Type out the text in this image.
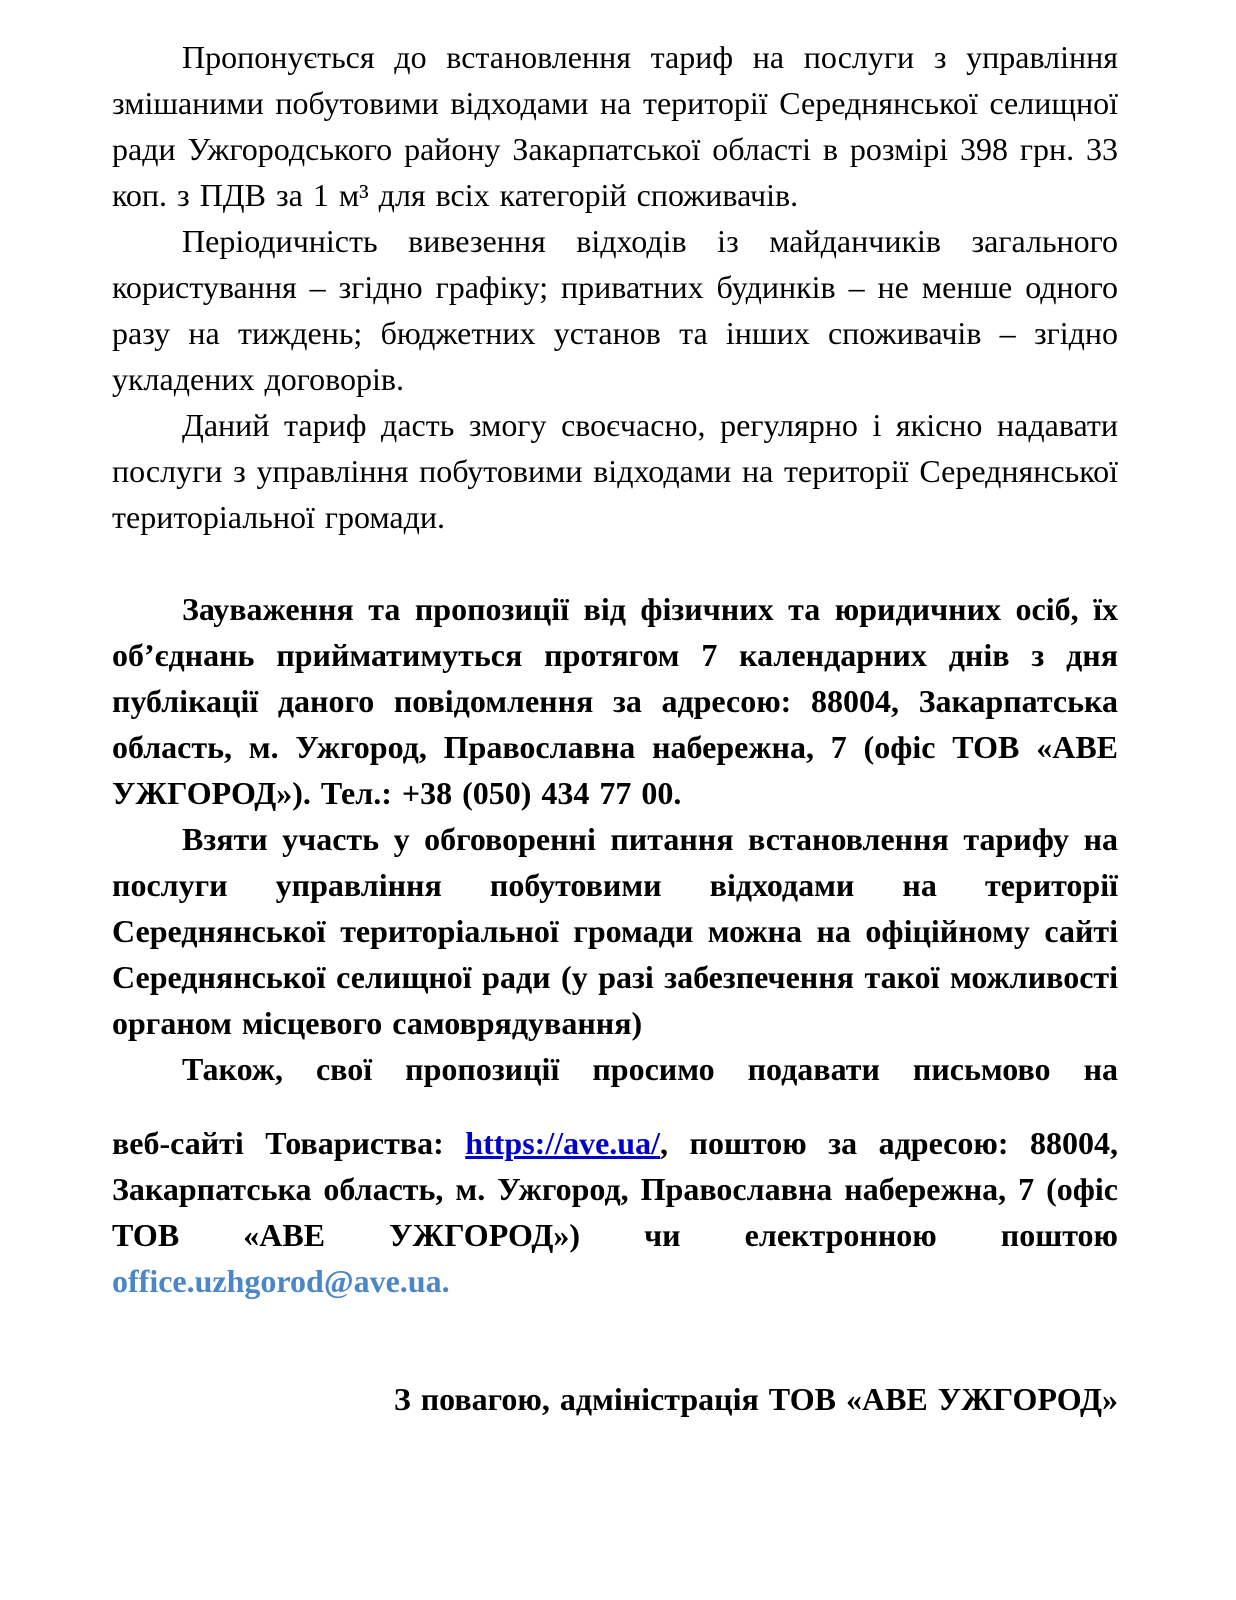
Пропонується до встановлення тариф на послуги з управління змішаними побутовими відходами на території Середнянської селищної ради Ужгородського району Закарпатської області в розмірі 398 грн. 33 коп. з ПДВ за 1 м³ для всіх категорій споживачів.

Періодичність вивезення відходів із майданчиків загального користування – згідно графіку; приватних будинків – не менше одного разу на тиждень; бюджетних установ та інших споживачів – згідно укладених договорів.

Даний тариф дасть змогу своєчасно, регулярно і якісно надавати послуги з управління побутовими відходами на території Середнянської територіальної громади.

Зауваження та пропозиції від фізичних та юридичних осіб, їх об’єднань прийматимуться протягом 7 календарних днів з дня публікації даного повідомлення за адресою: 88004, Закарпатська область, м. Ужгород, Православна набережна, 7 (офіс ТОВ «АВЕ УЖГОРОД»). Тел.: +38 (050) 434 77 00.

Взяти участь у обговоренні питання встановлення тарифу на послуги управління побутовими відходами на території Середнянської територіальної громади можна на офіційному сайті Середнянської селищної ради (у разі забезпечення такої можливості органом місцевого самоврядування)

Також, свої пропозиції просимо подавати письмово на

веб-сайті Товариства: https://ave.ua/, поштою за адресою: 88004, Закарпатська область, м. Ужгород, Православна набережна, 7 (офіс ТОВ «АВЕ УЖГОРОД») чи електронною поштою office.uzhgorod@ave.ua.

З повагою, адміністрація ТОВ «АВЕ УЖГОРОД»
